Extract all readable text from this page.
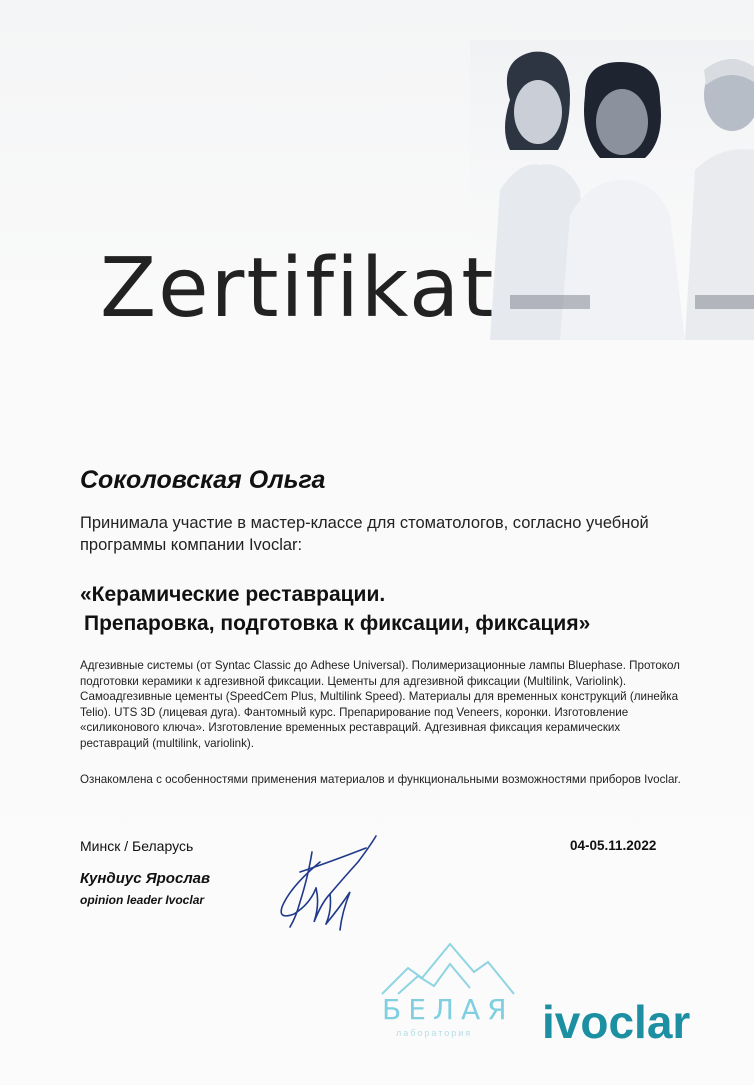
Zertifikat
Соколовская Ольга
Принимала участие в мастер-классе для стоматологов, согласно учебной программы компании Ivoclar:
«Керамические реставрации.
Препаровка, подготовка к фиксации, фиксация»
Адгезивные системы (от Syntac Classic до Adhese Universal). Полимеризационные лампы Bluephase. Протокол подготовки керамики к адгезивной фиксации. Цементы для адгезивной фиксации (Multilink, Variolink). Самоадгезивные цементы (SpeedCem Plus, Multilink Speed). Материалы для временных конструкций (линейка Telio). UTS 3D (лицевая дуга). Фантомный курс. Препарирование под Veneers, коронки. Изготовление «силиконового ключа». Изготовление временных реставраций. Адгезивная фиксация керамических реставраций (multilink, variolink).
Ознакомлена с особенностями применения материалов и функциональными возможностями приборов Ivoclar.
Минск / Беларусь	04-05.11.2022
Кундиус Ярослав
opinion leader Ivoclar
БЕЛАЯ
лаборатория ivoclar
